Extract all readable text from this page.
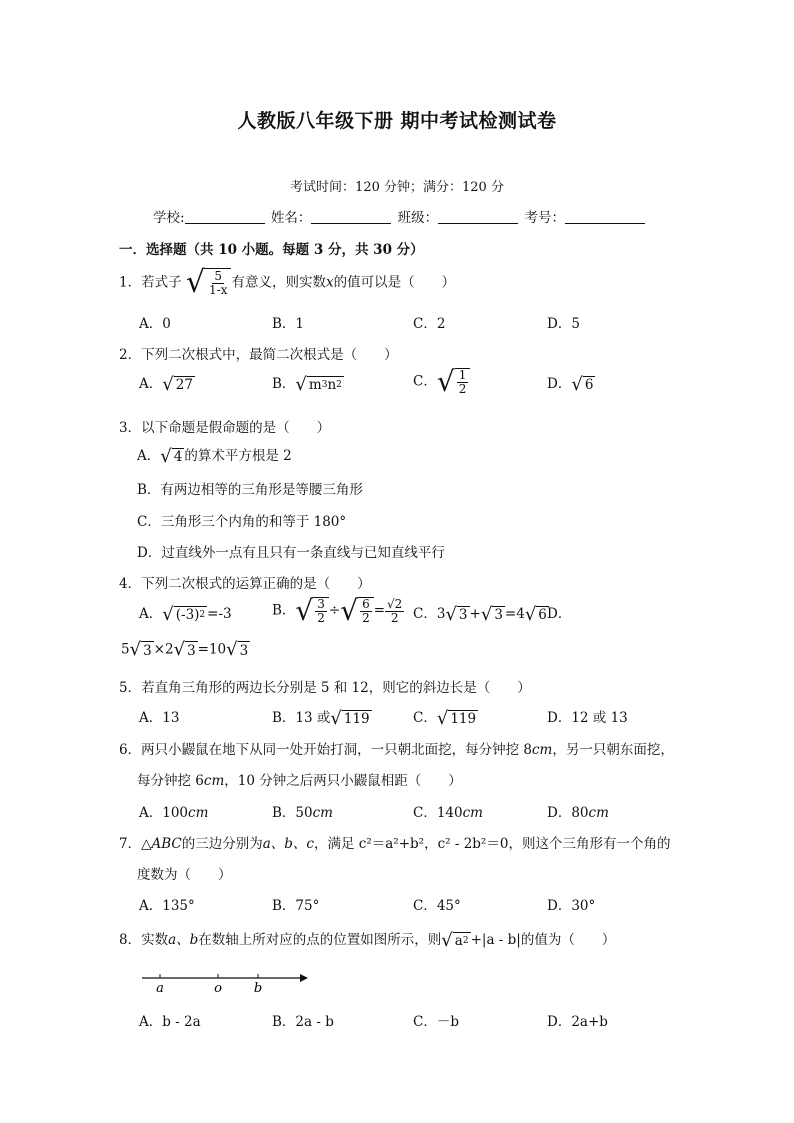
人教版八年级下册 期中考试检测试卷
考试时间：120 分钟；满分：120 分
学校:	姓名：	班级：	考号：
一．选择题（共 10 小题。每题 3 分，共 30 分）
1．若式子 √ $\frac{5}{1-x}$ 有意义，则实数x的值可以是（　　）
A．0	B．1	C．2	D．5
2．下列二次根式中，最简二次根式是（　　）
A． √ 27	B． √ m 3 n 2	C． √ $\frac{1}{2}$	D． √ 6
3．以下命题是假命题的是（　　）
A． √ 4 的算术平方根是 2
B．有两边相等的三角形是等腰三角形
C．三角形三个内角的和等于 180°
D．过直线外一点有且只有一条直线与已知直线平行
4．下列二次根式的运算正确的是（　　）
A． √ (-3) 2 =-3	B． √ $\frac{3}{2}$ ÷ √ $\frac{6}{2} = \frac{√2}{2}$ C．3 √ 3 + √ 3 =4 √ 6 D．
5 √ 3 ×2 √ 3 =10 √ 3
5．若直角三角形的两边长分别是 5 和 12，则它的斜边长是（　　）
A．13	B．13 或 √ 119	C． √ 119	D．12 或 13
6．两只小鼹鼠在地下从同一处开始打洞，一只朝北面挖，每分钟挖 8cm，另一只朝东面挖，
每分钟挖 6cm，10 分钟之后两只小鼹鼠相距（　　）
A．100cm	B．50cm	C．140cm	D．80cm
7．△ABC的三边分别为a、b、c，满足 c²＝a²+b²，c² - 2b²＝0，则这个三角形有一个角的
度数为（　　）
A．135°	B．75°	C．45°	D．30°
8．实数a、b在数轴上所对应的点的位置如图所示，则 √ a 2 +|a - b|的值为（　　）
a	o b
A．b - 2a	B．2a - b	C．－b	D．2a+b
